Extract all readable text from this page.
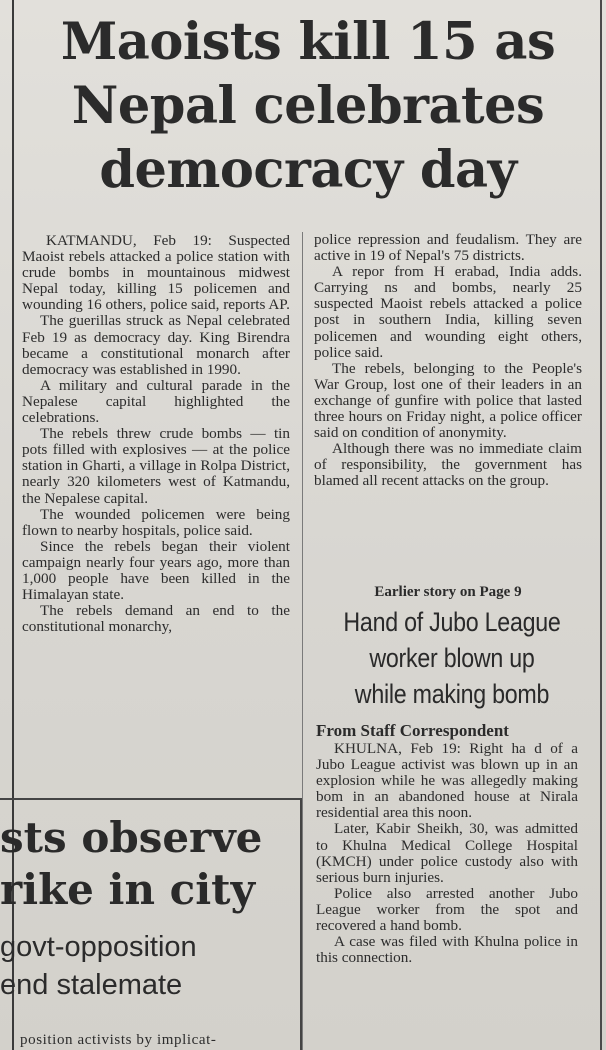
Maoists kill 15 as
Nepal celebrates
democracy day

KATMANDU, Feb 19: Suspected Maoist rebels attacked a police station with crude bombs in mountainous midwest Nepal today, killing 15 policemen and wounding 16 others, police said, reports AP.

The guerillas struck as Nepal celebrated Feb 19 as democracy day. King Birendra became a constitutional monarch after democracy was established in 1990.

A military and cultural parade in the Nepalese capital highlighted the celebrations.

The rebels threw crude bombs — tin pots filled with explosives — at the police station in Gharti, a village in Rolpa District, nearly 320 kilometers west of Katmandu, the Nepalese capital.

The wounded policemen were being flown to nearby hospitals, police said.

Since the rebels began their violent campaign nearly four years ago, more than 1,000 people have been killed in the Himalayan state.

The rebels demand an end to the constitutional monarchy,

police repression and feudalism. They are active in 19 of Nepal's 75 districts.

A repor from H erabad, India adds. Carrying ns and bombs, nearly 25 suspected Maoist rebels attacked a police post in southern India, killing seven policemen and wounding eight others, police said.

The rebels, belonging to the People's War Group, lost one of their leaders in an exchange of gunfire with police that lasted three hours on Friday night, a police officer said on condition of anonymity.

Although there was no immediate claim of responsibility, the government has blamed all recent attacks on the group.

Earlier story on Page 9
Hand of Jubo League
worker blown up
while making bomb
From Staff Correspondent

KHULNA, Feb 19: Right ha d of a Jubo League activist was blown up in an explosion while he was allegedly making bom in an abandoned house at Nirala residential area this noon.

Later, Kabir Sheikh, 30, was admitted to Khulna Medical College Hospital (KMCH) under police custody also with serious burn injuries.

Police also arrested another Jubo League worker from the spot and recovered a hand bomb.

A case was filed with Khulna police in this connection.

sts observe
rike in city
govt-opposition
end stalemate
position activists by implicat-
